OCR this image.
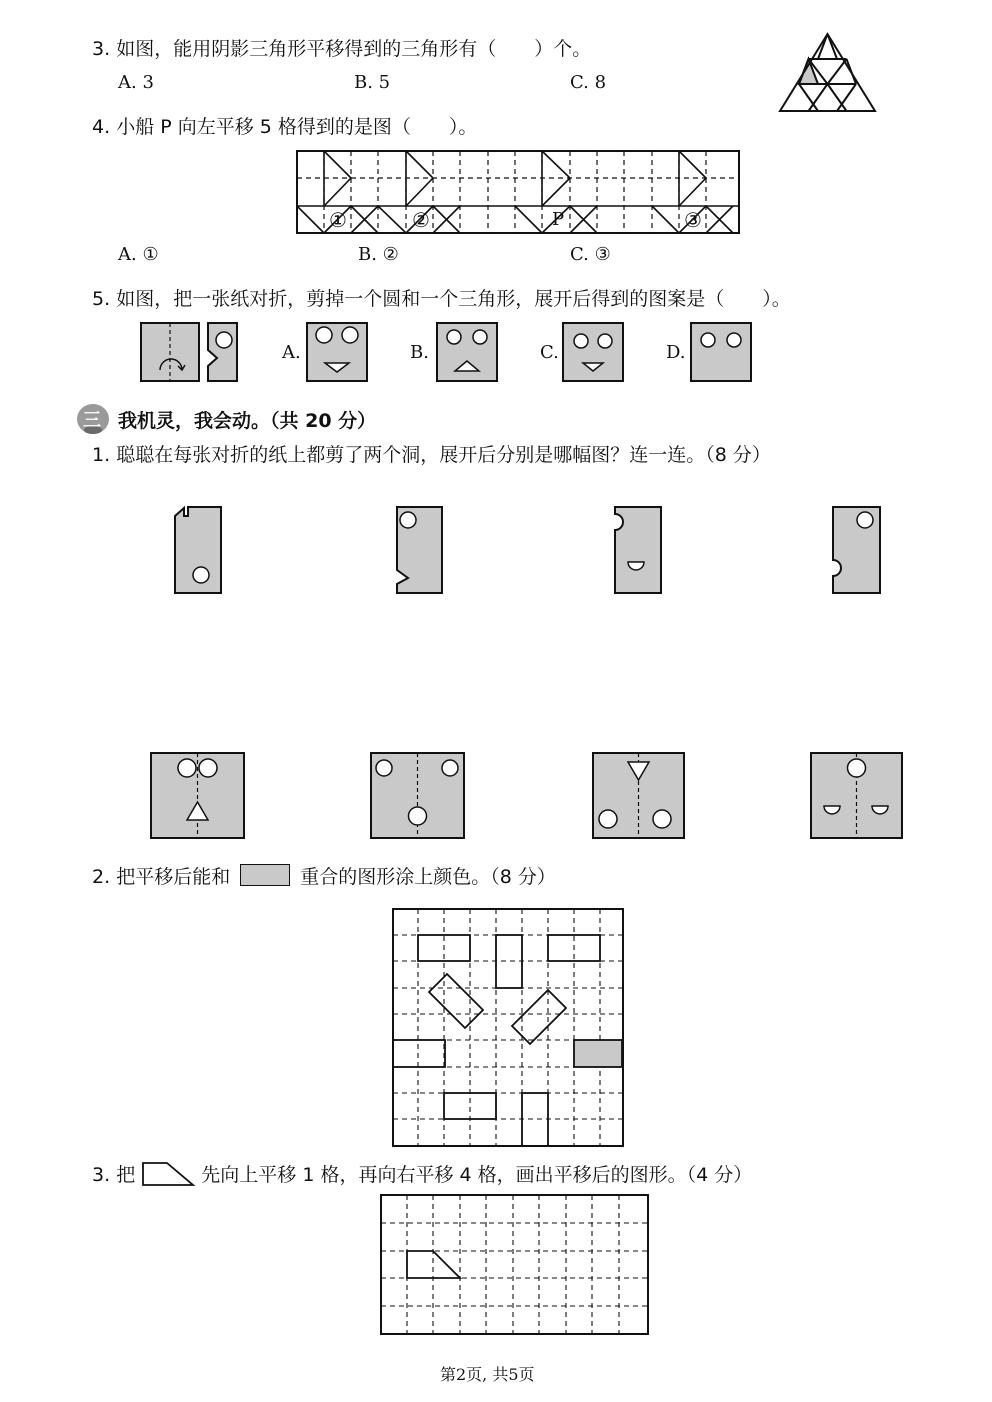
3. 如图，能用阴影三角形平移得到的三角形有（　　）个。
A. 3	B. 5	C. 8
4. 小船 P 向左平移 5 格得到的是图（　　）。
①	②	P	③
A. ①	B. ②	C. ③
5. 如图，把一张纸对折，剪掉一个圆和一个三角形，展开后得到的图案是（　　）。
A.	B.	C.	D.
三 我机灵，我会动。（共 20 分）
1. 聪聪在每张对折的纸上都剪了两个洞，展开后分别是哪幅图？连一连。（8 分）
2. 把平移后能和	重合的图形涂上颜色。（8 分）
3. 把	先向上平移 1 格，再向右平移 4 格，画出平移后的图形。（4 分）
第2页, 共5页
